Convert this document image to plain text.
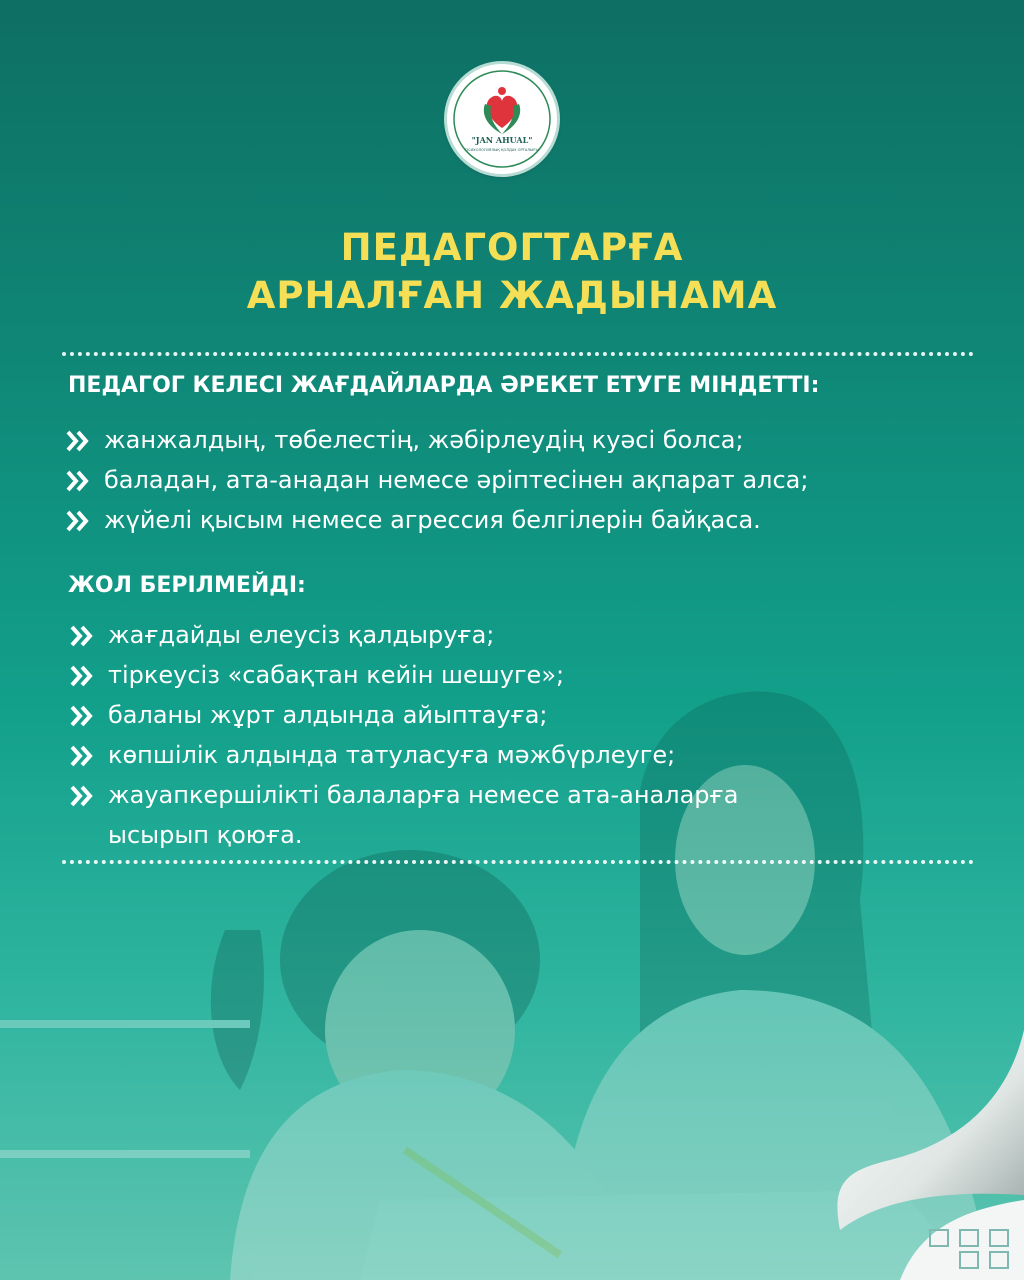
"JAN AHUAL"
ПСИХОЛОГИЯЛЫҚ ҚОЛДАУ ОРТАЛЫҒЫ
ПЕДАГОГТАРҒА
АРНАЛҒАН ЖАДЫНАМА
ПЕДАГОГ КЕЛЕСІ ЖАҒДАЙЛАРДА ӘРЕКЕТ ЕТУГЕ МІНДЕТТІ:
жанжалдың, төбелестің, жәбірлеудің куәсі болса;
баладан, ата-анадан немесе әріптесінен ақпарат алса;
жүйелі қысым немесе агрессия белгілерін байқаса.
ЖОЛ БЕРІЛМЕЙДІ:
жағдайды елеусіз қалдыруға;
тіркеусіз «сабақтан кейін шешуге»;
баланы жұрт алдында айыптауға;
көпшілік алдында татуласуға мәжбүрлеуге;
жауапкершілікті балаларға немесе ата-аналарға
ысырып қоюға.
